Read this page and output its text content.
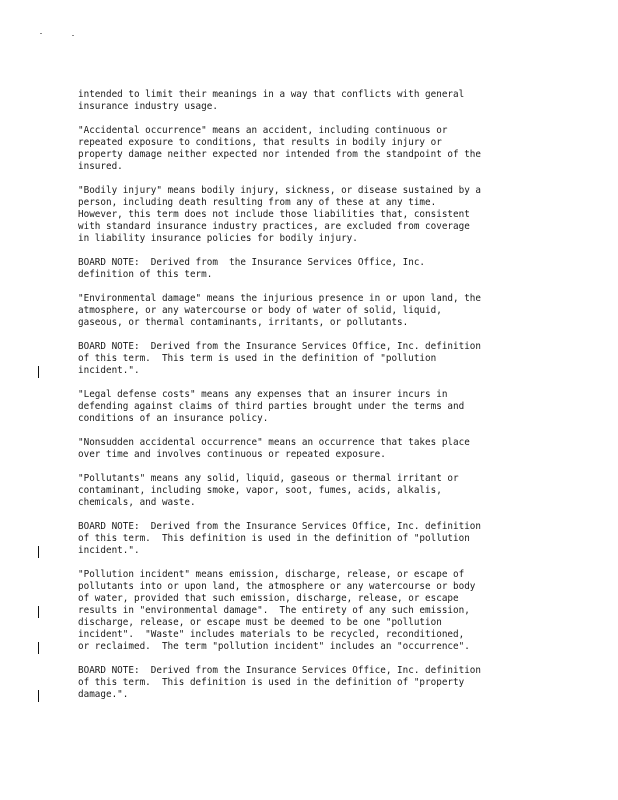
intended to limit their meanings in a way that conflicts with general
insurance industry usage.

"Accidental occurrence" means an accident, including continuous or
repeated exposure to conditions, that results in bodily injury or
property damage neither expected nor intended from the standpoint of the
insured.

"Bodily injury" means bodily injury, sickness, or disease sustained by a
person, including death resulting from any of these at any time.
However, this term does not include those liabilities that, consistent
with standard insurance industry practices, are excluded from coverage
in liability insurance policies for bodily injury.

BOARD NOTE:  Derived from  the Insurance Services Office, Inc.
definition of this term.

"Environmental damage" means the injurious presence in or upon land, the
atmosphere, or any watercourse or body of water of solid, liquid,
gaseous, or thermal contaminants, irritants, or pollutants.

BOARD NOTE:  Derived from the Insurance Services Office, Inc. definition
of this term.  This term is used in the definition of "pollution
incident.".

"Legal defense costs" means any expenses that an insurer incurs in
defending against claims of third parties brought under the terms and
conditions of an insurance policy.

"Nonsudden accidental occurrence" means an occurrence that takes place
over time and involves continuous or repeated exposure.

"Pollutants" means any solid, liquid, gaseous or thermal irritant or
contaminant, including smoke, vapor, soot, fumes, acids, alkalis,
chemicals, and waste.

BOARD NOTE:  Derived from the Insurance Services Office, Inc. definition
of this term.  This definition is used in the definition of "pollution
incident.".

"Pollution incident" means emission, discharge, release, or escape of
pollutants into or upon land, the atmosphere or any watercourse or body
of water, provided that such emission, discharge, release, or escape
results in "environmental damage".  The entirety of any such emission,
discharge, release, or escape must be deemed to be one "pollution
incident".  "Waste" includes materials to be recycled, reconditioned,
or reclaimed.  The term "pollution incident" includes an "occurrence".

BOARD NOTE:  Derived from the Insurance Services Office, Inc. definition
of this term.  This definition is used in the definition of "property
damage.".
